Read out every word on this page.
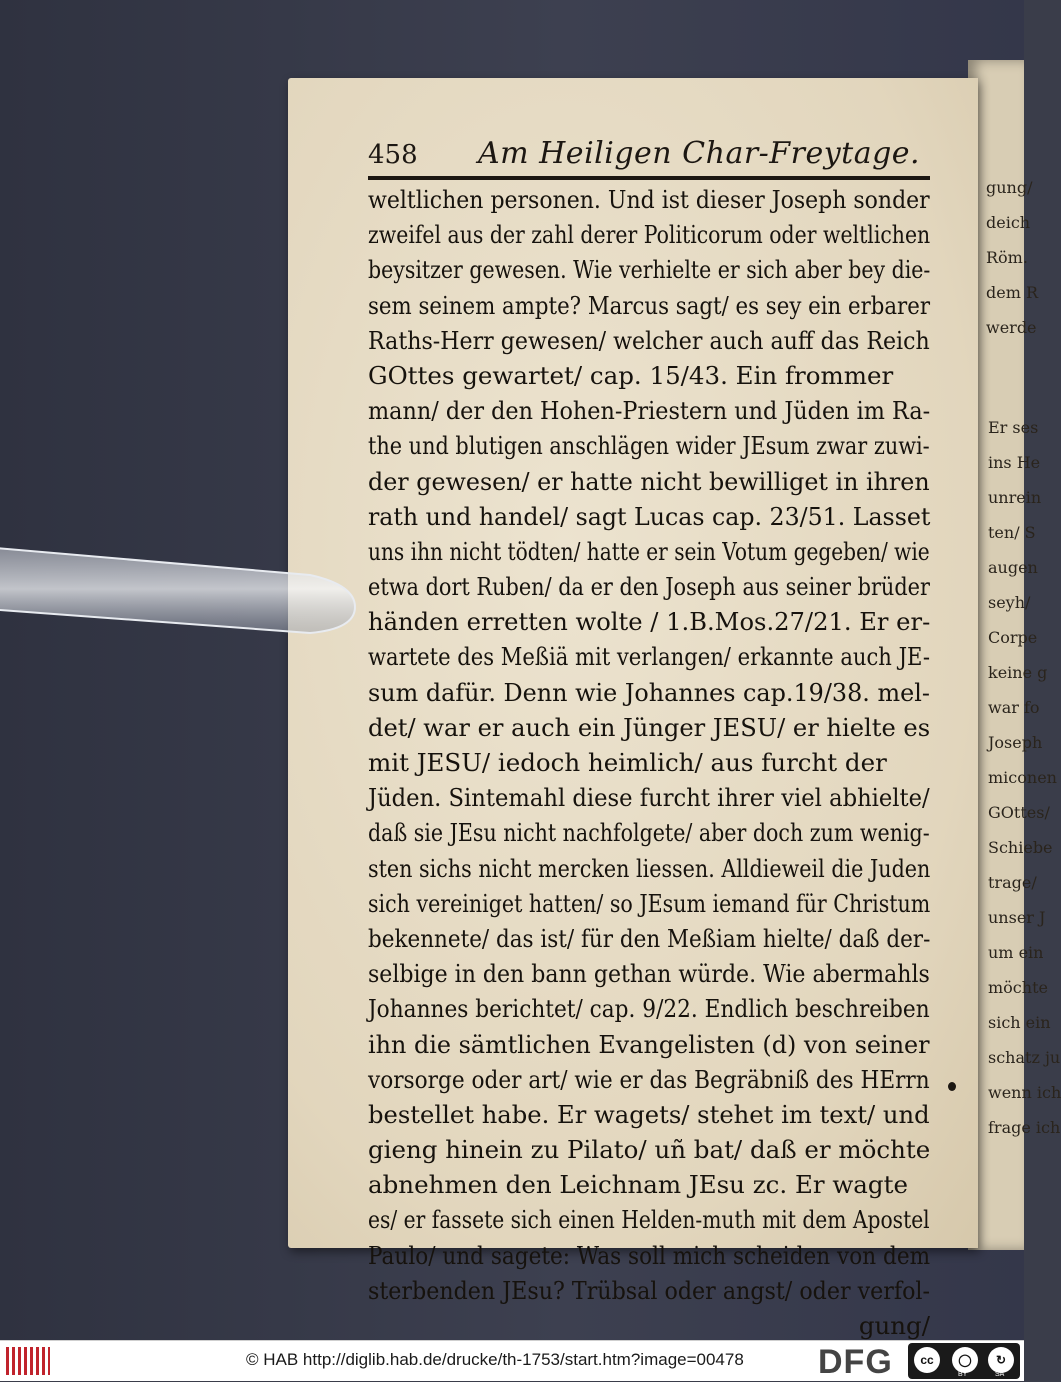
gung/
deich
Röm.
dem R
werde
Er ses
ins He
unrein
ten/ S
augen
seyh/
Corpe
keine g
war fo
Joseph
miconen
GOttes/
Schiebe
trage/
unser J
um ein
möchte
sich ein
schatz ju
wenn ich
frage ich
458 Am Heiligen Char-Freytage.
weltlichen personen. Und ist dieser Joseph sonder
zweifel aus der zahl derer Politicorum oder weltlichen
beysitzer gewesen. Wie verhielte er sich aber bey die-
sem seinem ampte? Marcus sagt/ es sey ein erbarer
Raths-Herr gewesen/ welcher auch auff das Reich
GOttes gewartet/ cap. 15/43. Ein frommer
mann/ der den Hohen-Priestern und Jüden im Ra-
the und blutigen anschlägen wider JEsum zwar zuwi-
der gewesen/ er hatte nicht bewilliget in ihren
rath und handel/ sagt Lucas cap. 23/51. Lasset
uns ihn nicht tödten/ hatte er sein Votum gegeben/ wie
etwa dort Ruben/ da er den Joseph aus seiner brüder
händen erretten wolte / 1.B.Mos.27/21. Er er-
wartete des Meßiä mit verlangen/ erkannte auch JE-
sum dafür. Denn wie Johannes cap.19/38. mel-
det/ war er auch ein Jünger JESU/ er hielte es
mit JESU/ iedoch heimlich/ aus furcht der
Jüden. Sintemahl diese furcht ihrer viel abhielte/
daß sie JEsu nicht nachfolgete/ aber doch zum wenig-
sten sichs nicht mercken liessen. Alldieweil die Juden
sich vereiniget hatten/ so JEsum iemand für Christum
bekennete/ das ist/ für den Meßiam hielte/ daß der-
selbige in den bann gethan würde. Wie abermahls
Johannes berichtet/ cap. 9/22. Endlich beschreiben
ihn die sämtlichen Evangelisten (d) von seiner
vorsorge oder art/ wie er das Begräbniß des HErrn
bestellet habe. Er wagets/ stehet im text/ und
gieng hinein zu Pilato/ uñ bat/ daß er möchte
abnehmen den Leichnam JEsu zc. Er wagte
es/ er fassete sich einen Helden-muth mit dem Apostel
Paulo/ und sagete: Was soll mich scheiden von dem
sterbenden JEsu? Trübsal oder angst/ oder verfol-
gung/
© HAB http://diglib.hab.de/drucke/th-1753/start.htm?image=00478 DFG	cc	◯	↻
BY	SA
